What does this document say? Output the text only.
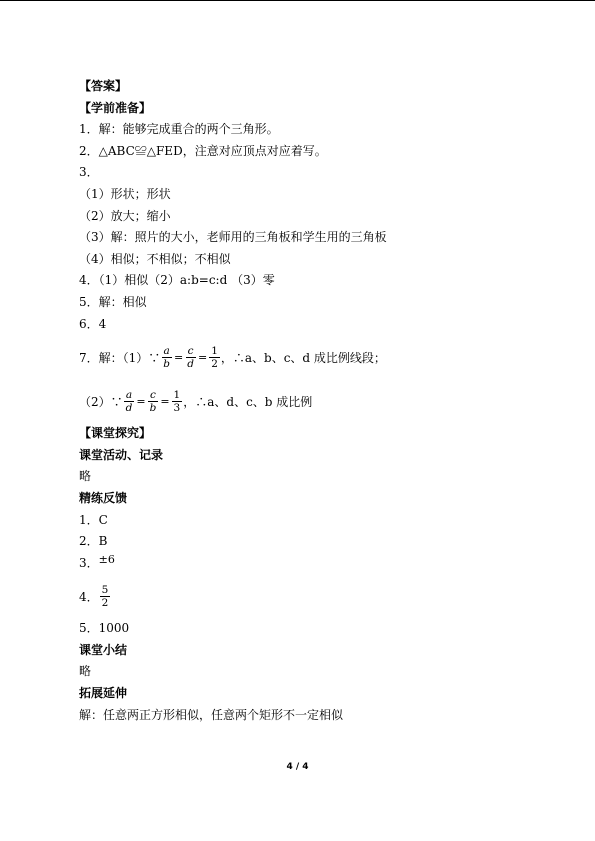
【答案】
【学前准备】
1．解：能够完成重合的两个三角形。
2．△ABC≌△FED，注意对应顶点对应着写。
3．
（1）形状；形状
（2）放大；缩小
（3）解：照片的大小，老师用的三角板和学生用的三角板
（4）相似；不相似；不相似
4．（1）相似（2）a:b=c:d （3）零
5．解：相似
6．4
7．解：（1）∵ $\frac{a}{b} = \frac{c}{d} = \frac{1}{2}$ ，∴a、b、c、d 成比例线段；
（2）∵ $\frac{a}{d} = \frac{c}{b} = \frac{1}{3}$ ，∴a、d、c、b 成比例
【课堂探究】
课堂活动、记录
略
精练反馈
1．C
2．B
3．±6
4． $\frac{5}{2}$
5．1000
课堂小结
略
拓展延伸
解：任意两正方形相似，任意两个矩形不一定相似
4 / 4
